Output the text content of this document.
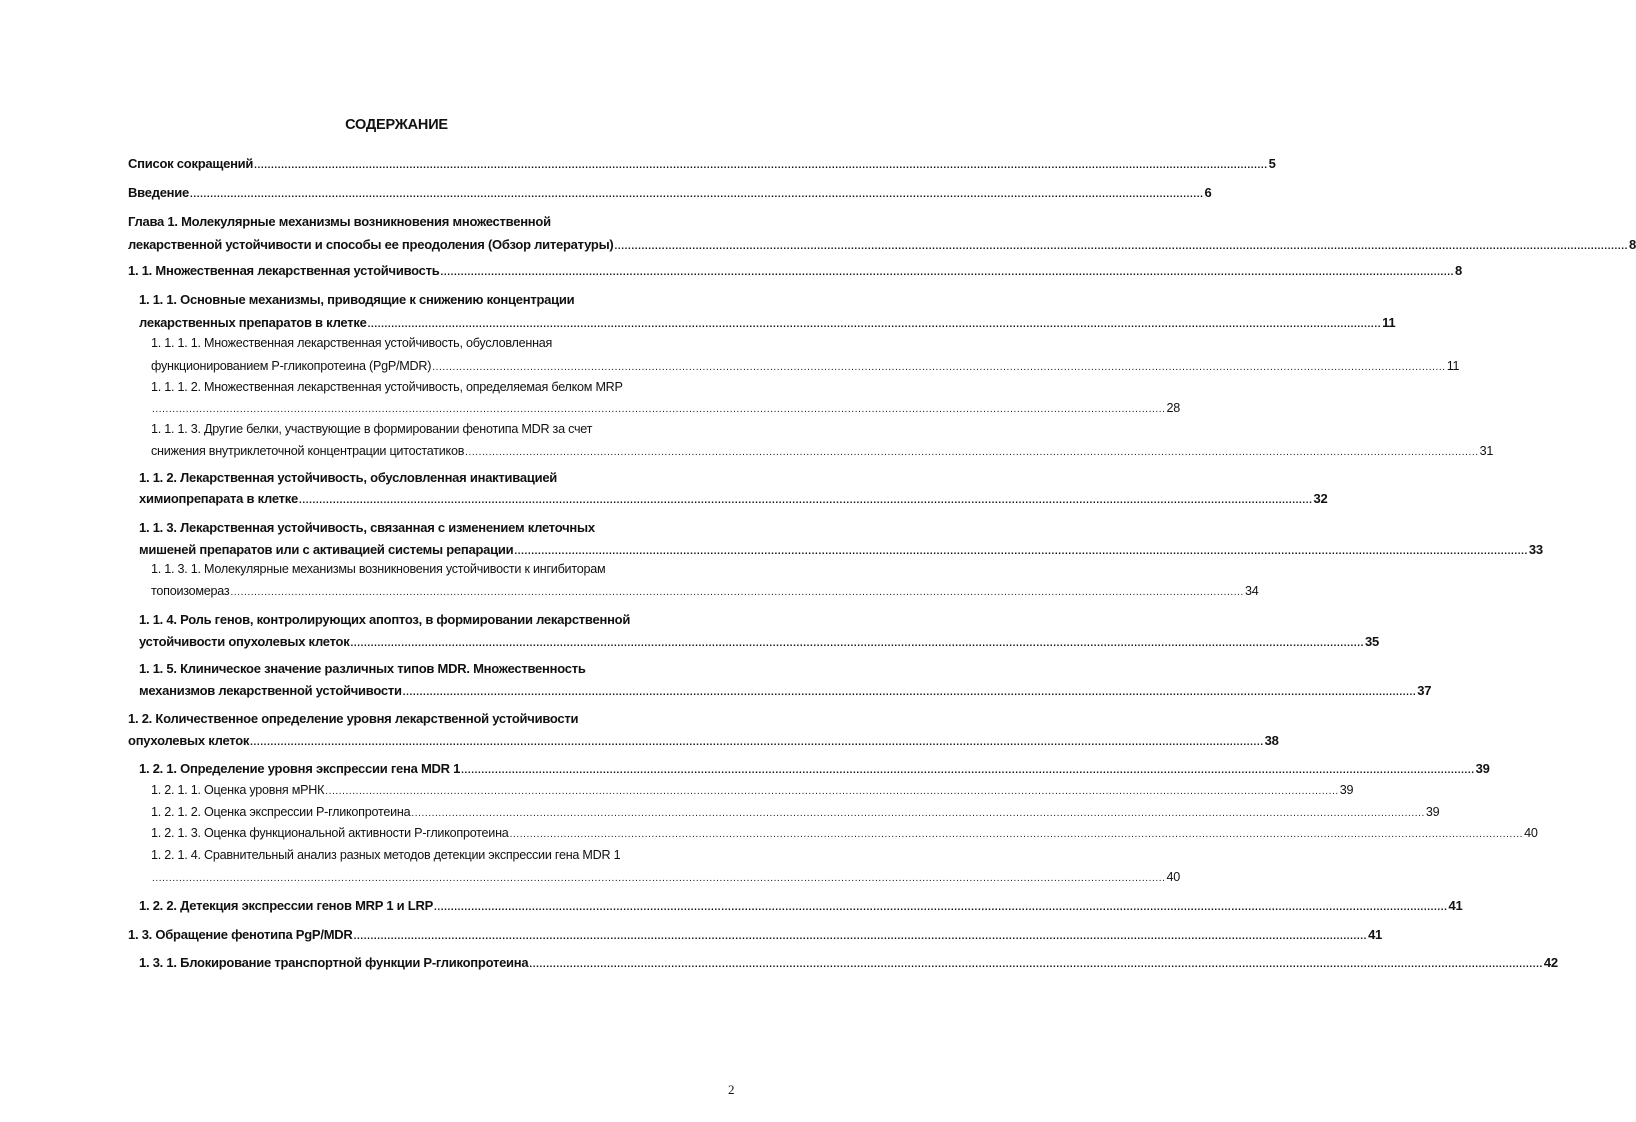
СОДЕРЖАНИЕ
Список сокращений ............................................................................................................................................................................................................................................................................................................ 5
Введение ............................................................................................................................................................................................................................................................................................................ 6
Глава 1. Молекулярные механизмы возникновения множественной
лекарственной устойчивости и способы ее преодоления (Обзор литературы) ............................................................................................................................................................................................................................................................................................................ 8
1. 1. Множественная лекарственная устойчивость ............................................................................................................................................................................................................................................................................................................ 8
1. 1. 1. Основные механизмы, приводящие к снижению концентрации
лекарственных препаратов в клетке ............................................................................................................................................................................................................................................................................................................ 11
1. 1. 1. 1. Множественная лекарственная устойчивость, обусловленная
функционированием Р-гликопротеина (PgP/MDR) ............................................................................................................................................................................................................................................................................................................ 11
1. 1. 1. 2. Множественная лекарственная устойчивость, определяемая белком MRP
............................................................................................................................................................................................................................................................................................................ 28
1. 1. 1. 3. Другие белки, участвующие в формировании фенотипа MDR за счет
снижения внутриклеточной концентрации цитостатиков ............................................................................................................................................................................................................................................................................................................ 31
1. 1. 2. Лекарственная устойчивость, обусловленная инактивацией
химиопрепарата в клетке ............................................................................................................................................................................................................................................................................................................ 32
1. 1. 3. Лекарственная устойчивость, связанная с изменением клеточных
мишеней препаратов или с активацией системы репарации ............................................................................................................................................................................................................................................................................................................ 33
1. 1. 3. 1. Молекулярные механизмы возникновения устойчивости к ингибиторам
топоизомераз ............................................................................................................................................................................................................................................................................................................ 34
1. 1. 4. Роль генов, контролирующих апоптоз, в формировании лекарственной
устойчивости опухолевых клеток ............................................................................................................................................................................................................................................................................................................ 35
1. 1. 5. Клиническое значение различных типов MDR. Множественность
механизмов лекарственной устойчивости ............................................................................................................................................................................................................................................................................................................ 37
1. 2. Количественное определение уровня лекарственной устойчивости
опухолевых клеток ............................................................................................................................................................................................................................................................................................................ 38
1. 2. 1. Определение уровня экспрессии гена MDR 1 ............................................................................................................................................................................................................................................................................................................ 39
1. 2. 1. 1. Оценка уровня мРНК ............................................................................................................................................................................................................................................................................................................ 39
1. 2. 1. 2. Оценка экспрессии Р-гликопротеина ............................................................................................................................................................................................................................................................................................................ 39
1. 2. 1. 3. Оценка функциональной активности Р-гликопротеина ............................................................................................................................................................................................................................................................................................................ 40
1. 2. 1. 4. Сравнительный анализ разных методов детекции экспрессии гена MDR 1
............................................................................................................................................................................................................................................................................................................ 40
1. 2. 2. Детекция экспрессии генов MRP 1 и LRP ............................................................................................................................................................................................................................................................................................................ 41
1. 3. Обращение фенотипа PgP/MDR ............................................................................................................................................................................................................................................................................................................ 41
1. 3. 1. Блокирование транспортной функции Р-гликопротеина ............................................................................................................................................................................................................................................................................................................ 42
2
